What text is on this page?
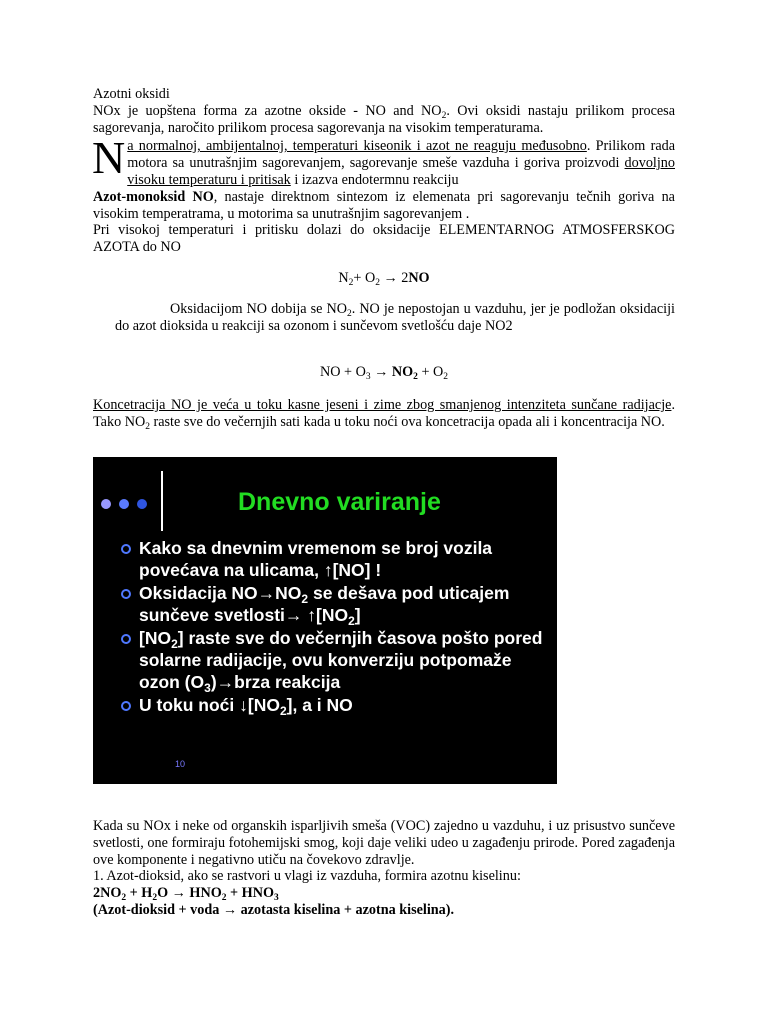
Azotni oksidi

NOx je uopštena forma za azotne okside - NO and $NO_2$. Ovi oksidi nastaju prilikom procesa sagorevanja, naročito prilikom procesa sagorevanja na visokim temperaturama.

Na normalnoj, ambijentalnoj, temperaturi kiseonik i azot ne reaguju međusobno. Prilikom rada motora sa unutrašnjim sagorevanjem, sagorevanje smeše vazduha i goriva proizvodi dovoljno visoku temperaturu i pritisak i izazva endotermnu reakciju

Azot-monoksid NO, nastaje direktnom sintezom iz elemenata pri sagorevanju tečnih goriva na visokim temperatrama, u motorima sa unutrašnjim sagorevanjem .

Pri visokoj temperaturi i pritisku dolazi do oksidacije ELEMENTARNOG ATMOSFERSKOG AZOTA do NO

$N_2+ O_2 \to 2NO$

Oksidacijom NO dobija se $NO_2$. NO je nepostojan u vazduhu, jer je podložan oksidaciji do azot dioksida u reakciji sa ozonom i sunčevom svetlošću daje NO2

NO + $O_3 \to NO_2 + O_2$

Koncetracija NO je veća u toku kasne jeseni i zime zbog smanjenog intenziteta sunčane radijacje. Tako $NO_2$ raste sve do večernjih sati kada u toku noći ova koncetracija opada ali i koncentracija NO.

Dnevno variranje
Kako sa dnevnim vremenom se broj vozila povećava na ulicama, ↑[NO] !
Oksidacija $NO\to NO_2$ se dešava pod uticajem sunčeve svetlosti→ $↑[NO_2]$
$[NO_2]$ raste sve do večernjih časova pošto pored solarne radijacije, ovu konverziju potpomaže ozon $(O_3)\to brza$ reakcija
U toku noći $↓[NO_2]$, a i NO
10

Kada su NOx i neke od organskih isparljivih smeša (VOC) zajedno u vazduhu, i uz prisustvo sunčeve svetlosti, one formiraju fotohemijski smog, koji daje veliki udeo u zagađenju prirode. Pored zagađenja ove komponente i negativno utiču na čovekovo zdravlje.

1. Azot-dioksid, ako se rastvori u vlagi iz vazduha, formira azotnu kiselinu:

$2NO_2 + H_2O \to HNO_2 + HNO_3$

(Azot-dioksid + voda → azotasta kiselina + azotna kiselina).
